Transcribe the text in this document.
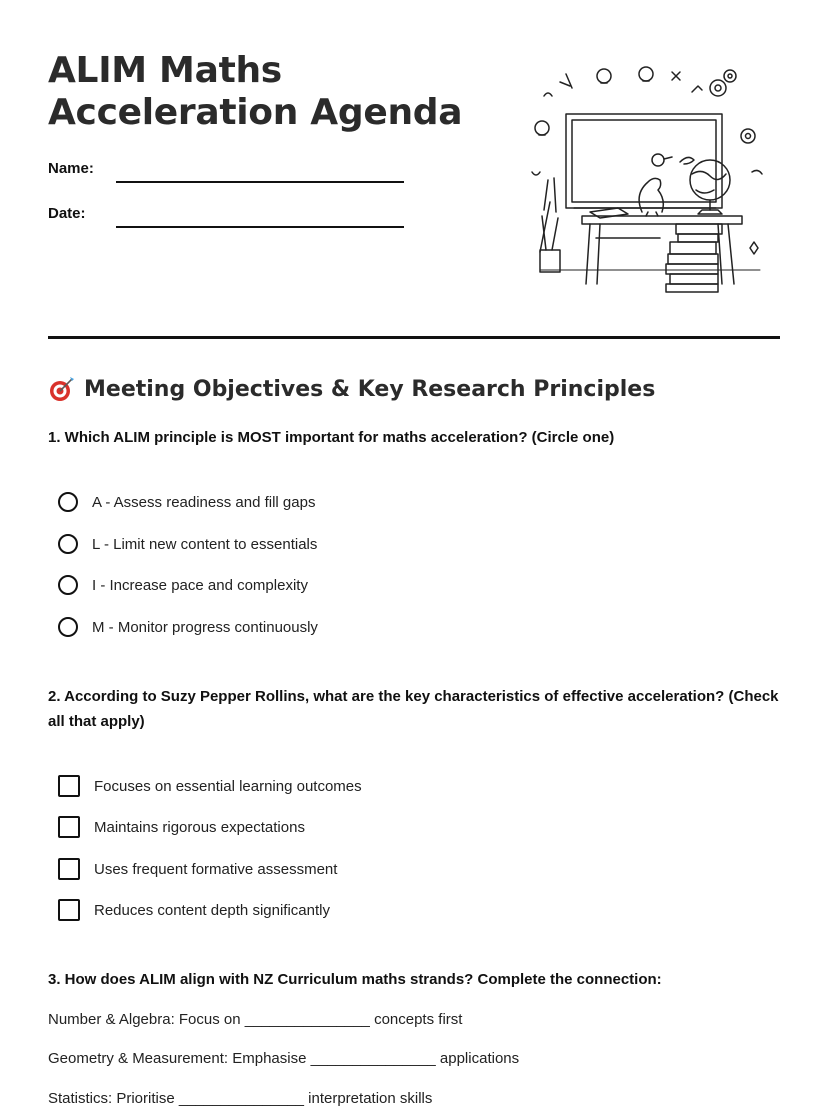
ALIM Maths
Acceleration Agenda
Name:
Date:
Meeting Objectives & Key Research Principles

1. Which ALIM principle is MOST important for maths acceleration? (Circle one)

A - Assess readiness and fill gaps
L - Limit new content to essentials
I - Increase pace and complexity
M - Monitor progress continuously

2. According to Suzy Pepper Rollins, what are the key characteristics of effective acceleration? (Check all that apply)

Focuses on essential learning outcomes
Maintains rigorous expectations
Uses frequent formative assessment
Reduces content depth significantly

3. How does ALIM align with NZ Curriculum maths strands? Complete the connection:

Number & Algebra: Focus on _______________ concepts first
Geometry & Measurement: Emphasise _______________ applications
Statistics: Prioritise _______________ interpretation skills
